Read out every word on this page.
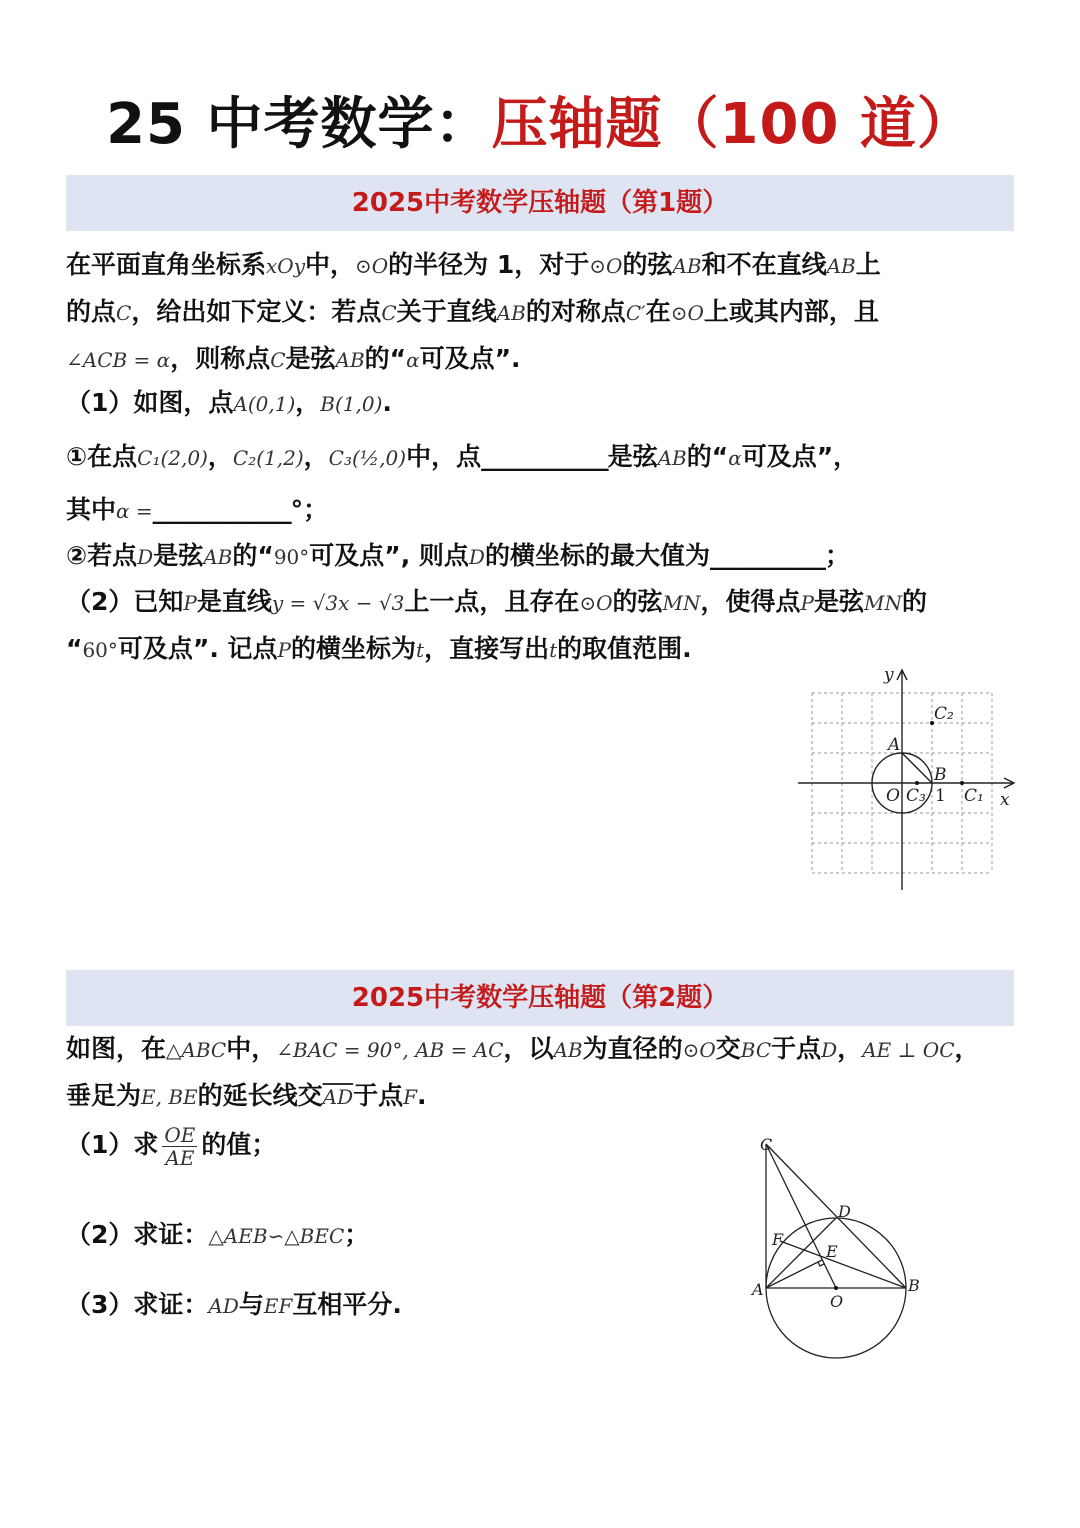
25 中考数学：压轴题（100 道）
2025中考数学压轴题（第1题）

在平面直角坐标系xOy中，⊙O的半径为 1，对于⊙O的弦AB和不在直线AB上
的点C，给出如下定义：若点C关于直线AB的对称点C′在⊙O上或其内部，且
∠ACB = α，则称点C是弦AB的“α可及点”.

（1）如图，点A(0,1)，B(1,0).

①在点C₁(2,0)，C₂(1,2)，C₃(½,0)中，点___________是弦AB的“α可及点”，

其中α =____________°；

②若点D是弦AB的“90°可及点”, 则点D的横坐标的最大值为__________；

（2）已知P是直线y = √3x − √3上一点，且存在⊙O的弦MN，使得点P是弦MN的
“60°可及点”. 记点P的横坐标为t，直接写出t的取值范围.

y
x
A
B
O C₃ C₁
C₂
1
2025中考数学压轴题（第2题）

如图，在△ABC中，∠BAC = 90°, AB = AC，以AB为直径的⊙O交BC于点D，AE ⊥ OC，
垂足为E, BE的延长线交$\overline{AD}$于点F.

（1）求 $\frac{OE}{AE}$ 的值；

（2）求证：△AEB∽△BEC；

（3）求证：AD与EF互相平分.

C
D
F
E
A
O
B
